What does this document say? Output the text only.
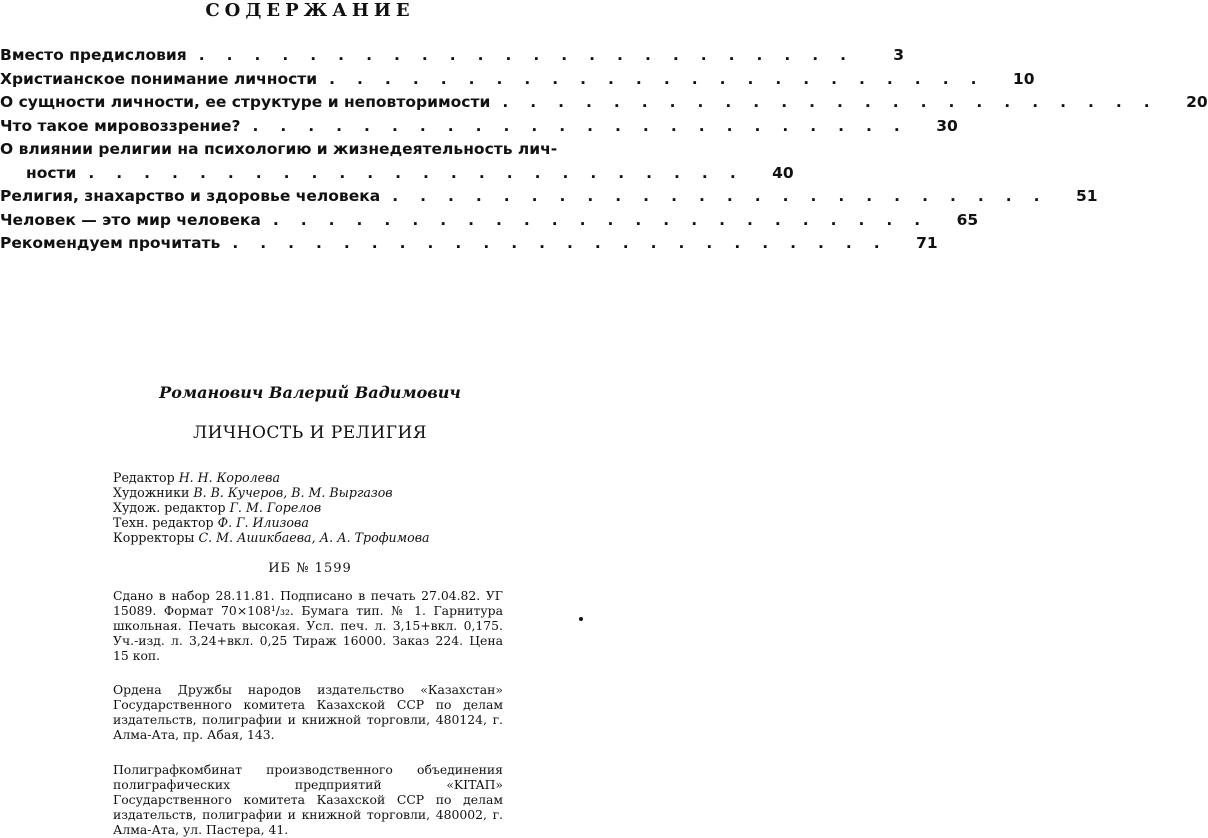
СОДЕРЖАНИЕ
Вместо предисловия ........................	3
Христианское понимание личности ........................ 10
О сущности личности, ее структуре и неповторимости ........................ 20
Что такое мировоззрение? ........................ 30
О влиянии религии на психологию и жизнедеятельность лич-
ности ........................ 40
Религия, знахарство и здоровье человека ........................ 51
Человек — это мир человека ........................ 65
Рекомендуем прочитать ........................ 71
Романович Валерий Вадимович
ЛИЧНОСТЬ И РЕЛИГИЯ
Редактор Н. Н. Королева
Художники В. В. Кучеров, В. М. Выргазов
Худож. редактор Г. М. Горелов
Техн. редактор Ф. Г. Илизова
Корректоры С. М. Ашикбаева, А. А. Трофимова
ИБ № 1599
Сдано в набор 28.11.81. Подписано в печать 27.04.82. УГ 15089. Формат 70×108¹/₃₂. Бумага тип. № 1. Гарнитура школьная. Печать высокая. Усл. печ. л. 3,15+вкл. 0,175. Уч.-изд. л. 3,24+вкл. 0,25 Тираж 16000. Заказ 224. Цена 15 коп.
Ордена Дружбы народов издательство «Казахстан» Государственного комитета Казахской ССР по делам издательств, полиграфии и книжной торговли, 480124, г. Алма-Ата, пр. Абая, 143.
Полиграфкомбинат производственного объединения полиграфических предприятий «KITAП» Государственного комитета Казахской ССР по делам издательств, полиграфии и книжной торговли, 480002, г. Алма-Ата, ул. Пастера, 41.
